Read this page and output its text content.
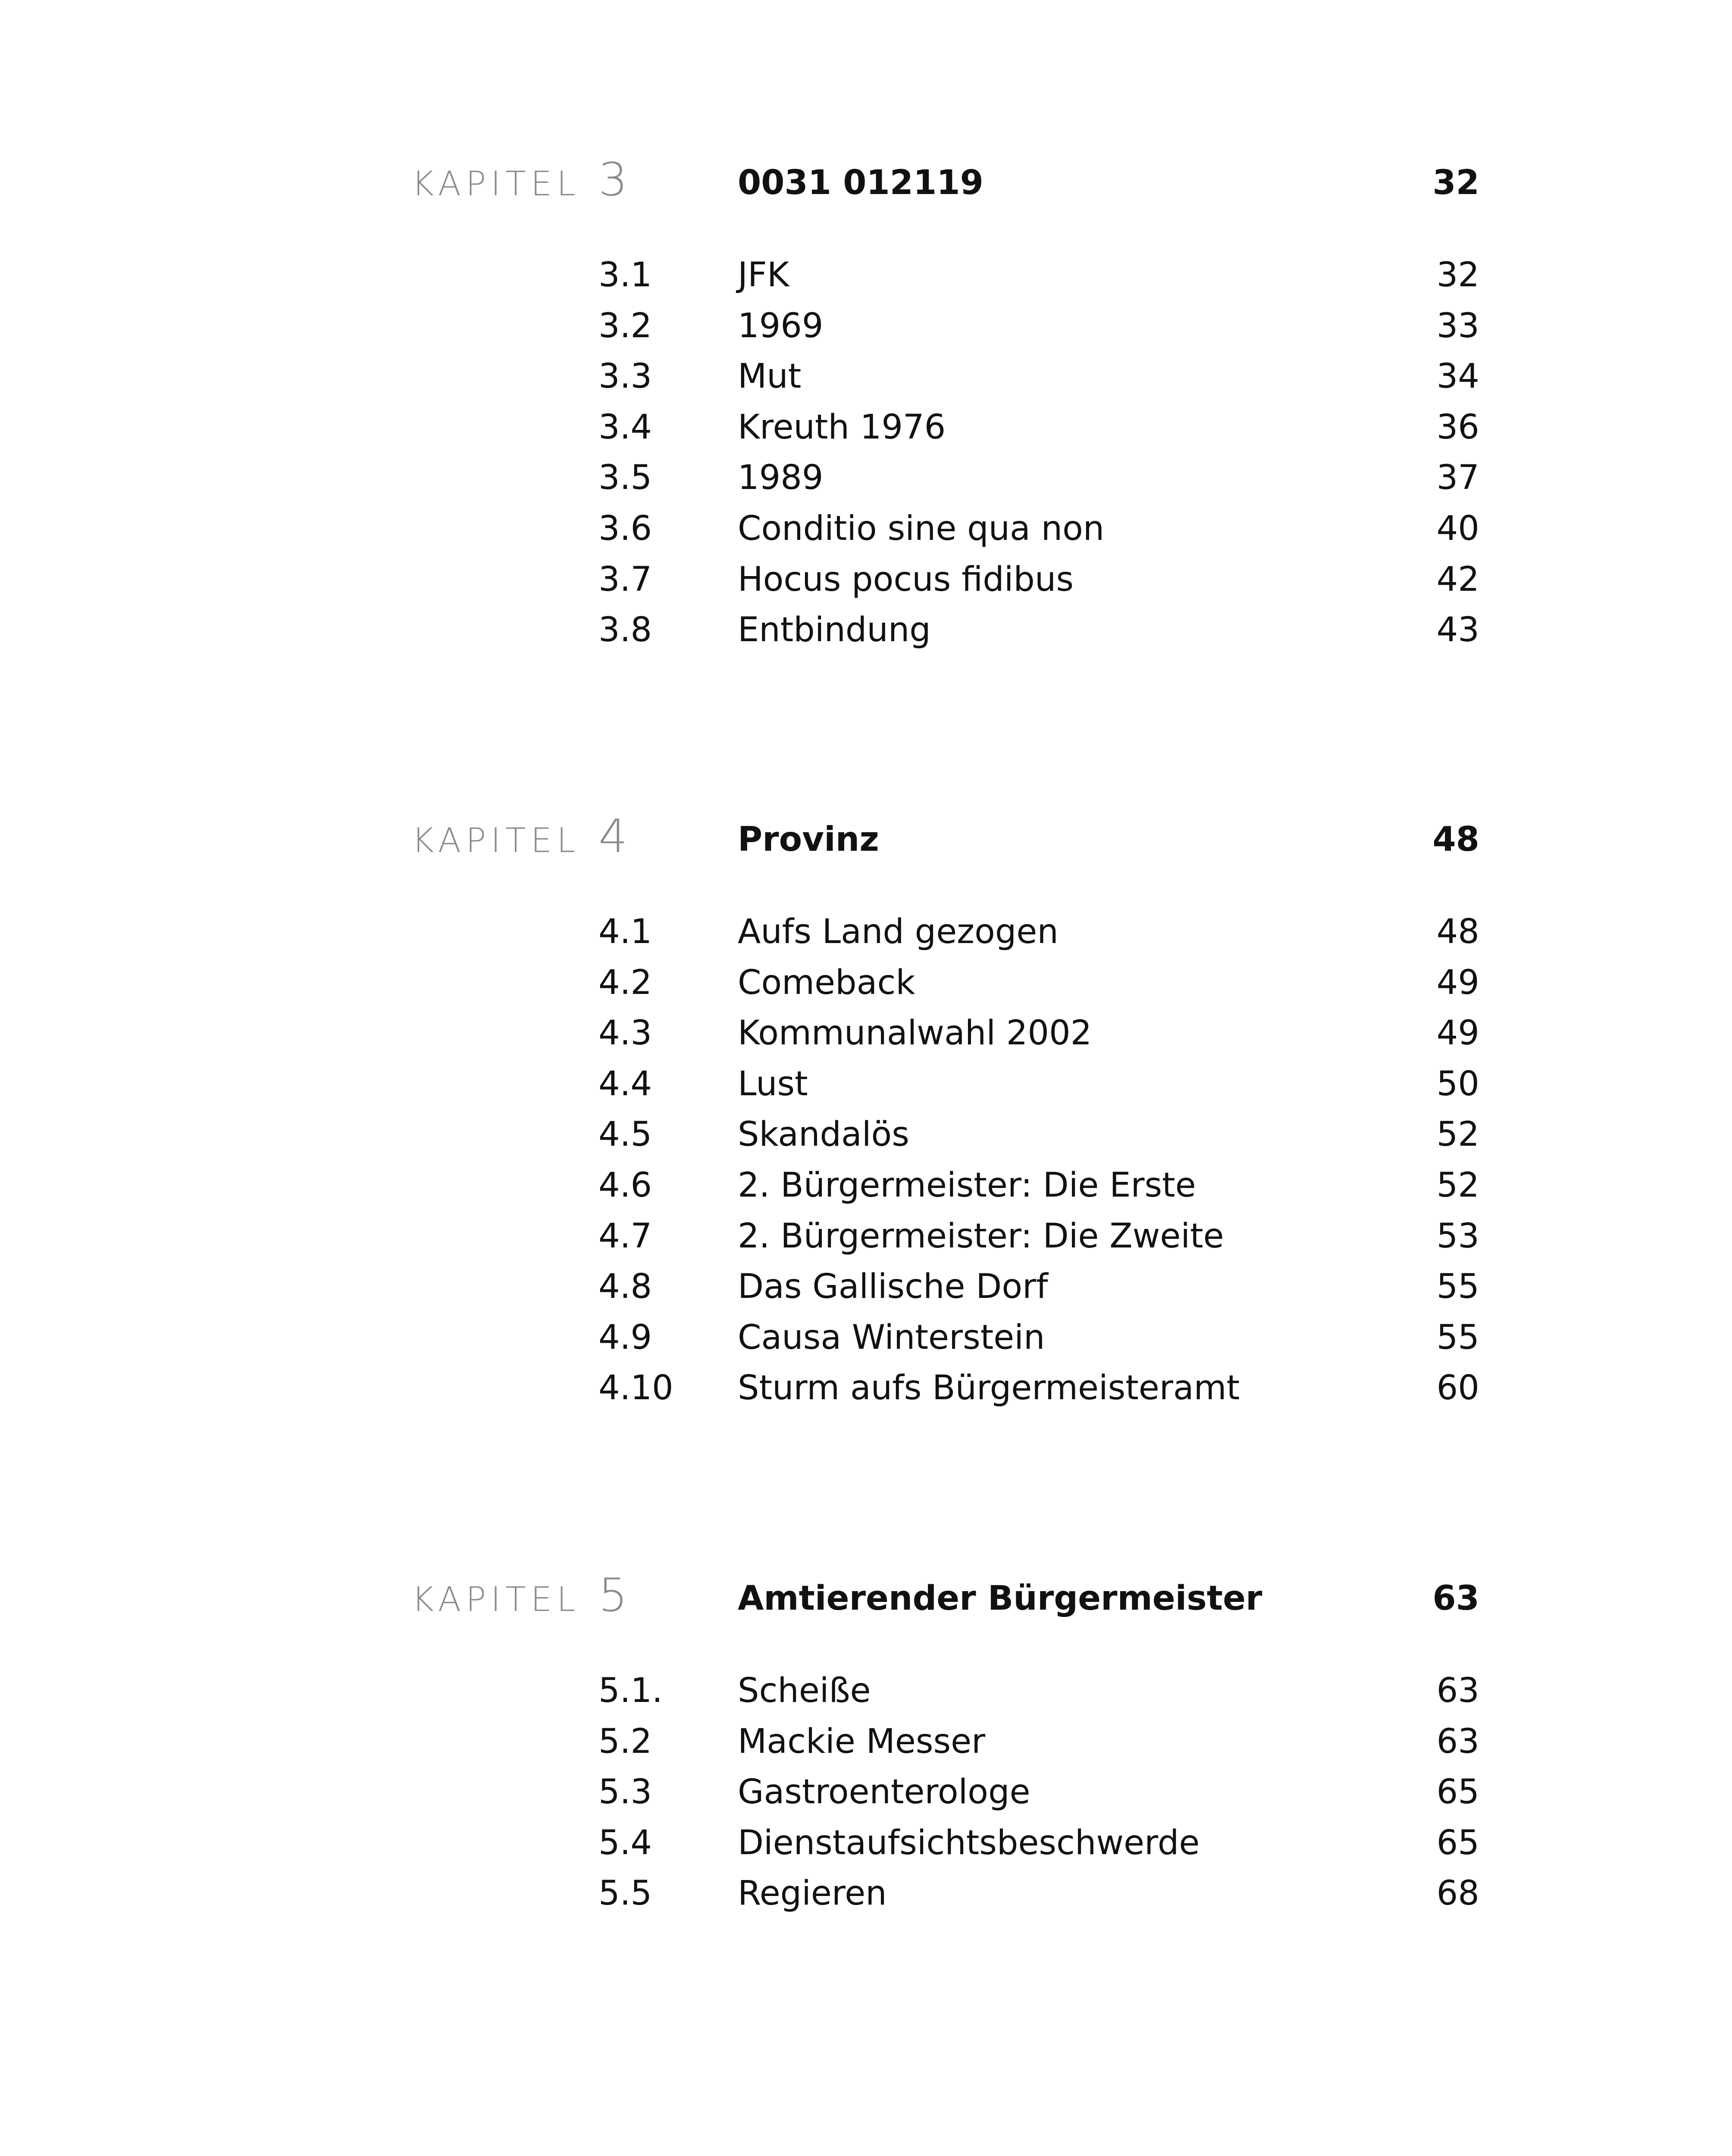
KAPITEL 3	0031 012119	32
3.1	JFK	32
3.2	1969	33
3.3	Mut	34
3.4	Kreuth 1976	36
3.5	1989	37
3.6	Conditio sine qua non	40
3.7	Hocus pocus fidibus	42
3.8	Entbindung	43
KAPITEL 4	Provinz	48
4.1	Aufs Land gezogen	48
4.2	Comeback	49
4.3	Kommunalwahl 2002	49
4.4	Lust	50
4.5	Skandalös	52
4.6	2. Bürgermeister: Die Erste	52
4.7	2. Bürgermeister: Die Zweite	53
4.8	Das Gallische Dorf	55
4.9	Causa Winterstein	55
4.10 Sturm aufs Bürgermeisteramt	60
KAPITEL 5	Amtierender Bürgermeister	63
5.1. Scheiße	63
5.2	Mackie Messer	63
5.3	Gastroenterologe	65
5.4	Dienstaufsichtsbeschwerde	65
5.5	Regieren	68
